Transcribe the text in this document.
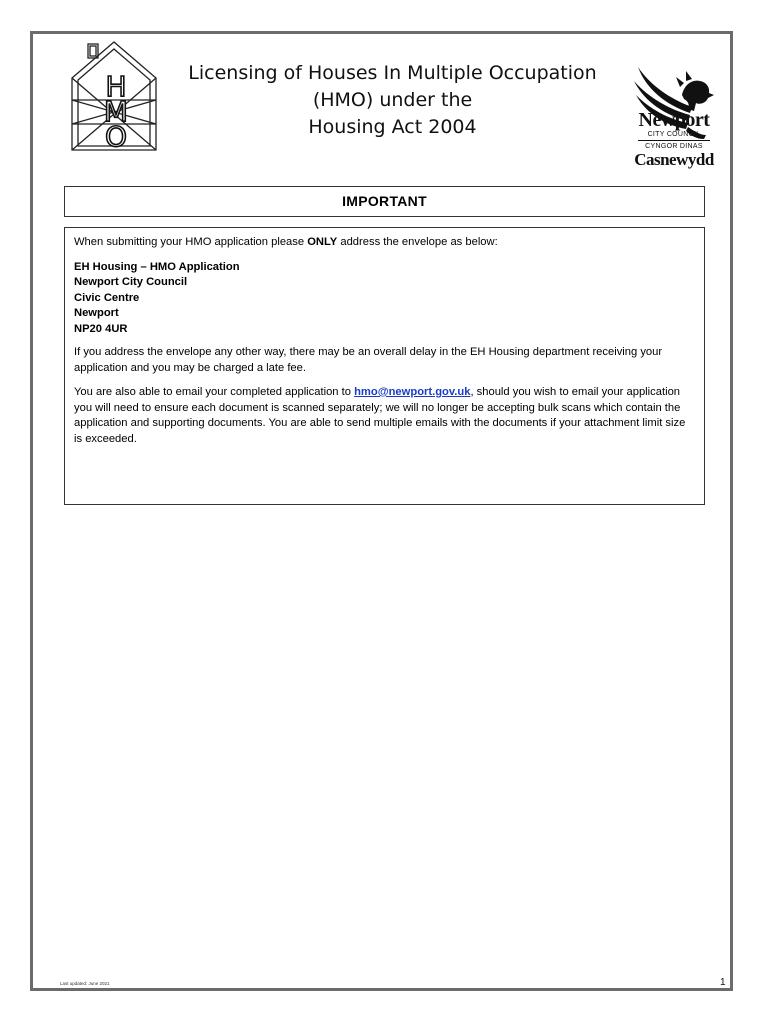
H
M
O
Licensing of Houses In Multiple Occupation
(HMO) under the
Housing Act 2004	Newport
CITY COUNCIL
CYNGOR DINAS
Casnewydd
IMPORTANT

When submitting your HMO application please ONLY address the envelope as below:

EH Housing – HMO Application
Newport City Council
Civic Centre
Newport
NP20 4UR

If you address the envelope any other way, there may be an overall delay in the EH Housing department receiving your application and you may be charged a late fee.

You are also able to email your completed application to hmo@newport.gov.uk, should you wish to email your application you will need to ensure each document is scanned separately; we will no longer be accepting bulk scans which contain the application and supporting documents. You are able to send multiple emails with the documents if your attachment limit size is exceeded.

Last updated: June 2021	1
